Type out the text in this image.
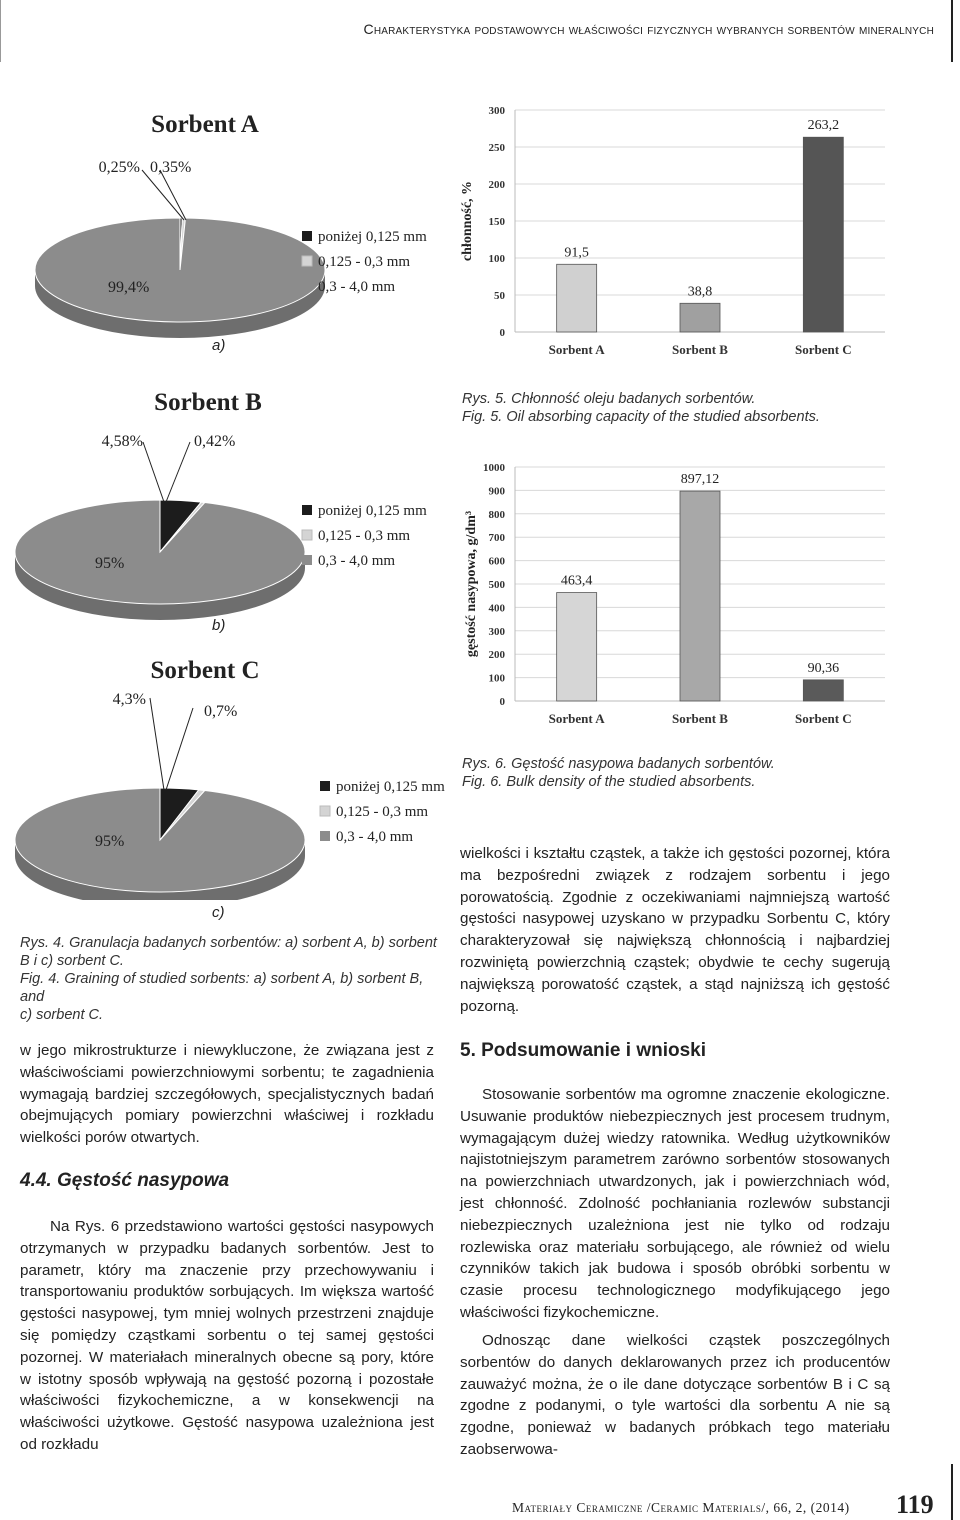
Charakterystyka podstawowych właściwości fizycznych wybranych sorbentów mineralnych
Sorbent A
0,25% 0,35%
99,4%
poniżej 0,125 mm
0,125 - 0,3 mm
0,3 - 4,0 mm
a)
Sorbent B
4,58%	0,42%
95%
poniżej 0,125 mm
0,125 - 0,3 mm
0,3 - 4,0 mm
b)
Sorbent C
4,3%
0,7%
95%
poniżej 0,125 mm
0,125 - 0,3 mm
0,3 - 4,0 mm
c)
Rys. 4. Granulacja badanych sorbentów: a) sorbent A, b) sorbent
B i c) sorbent C.
Fig. 4. Graining of studied sorbents: a) sorbent A, b) sorbent B, and
c) sorbent C.
0
50
100
150
200
250
300
91,5
Sorbent A
38,8
Sorbent B
263,2
Sorbent C
chłonność, %
Rys. 5. Chłonność oleju badanych sorbentów.
Fig. 5. Oil absorbing capacity of the studied absorbents.
0
100
200
300
400
500
600
700
800
900
1000
463,4
Sorbent A
897,12
Sorbent B
90,36
Sorbent C
gęstość nasypowa, g/dm³
Rys. 6. Gęstość nasypowa badanych sorbentów.
Fig. 6. Bulk density of the studied absorbents.

w jego mikrostrukturze i niewykluczone, że związana jest z właściwościami powierzchniowymi sorbentu; te zagadnienia wymagają bardziej szczegółowych, specjalistycznych badań obejmujących pomiary powierzchni właściwej i rozkładu wielkości porów otwartych.

4.4. Gęstość nasypowa

Na Rys. 6 przedstawiono wartości gęstości nasypowych otrzymanych w przypadku badanych sorbentów. Jest to parametr, który ma znaczenie przy przechowywaniu i transportowaniu produktów sorbujących. Im większa wartość gęstości nasypowej, tym mniej wolnych przestrzeni znajduje się pomiędzy cząstkami sorbentu o tej samej gęstości pozornej. W materiałach mineralnych obecne są pory, które w istotny sposób wpływają na gęstość pozorną i pozostałe właściwości fizykochemiczne, a w konsekwencji na właściwości użytkowe. Gęstość nasypowa uzależniona jest od rozkładu

wielkości i kształtu cząstek, a także ich gęstości pozornej, która ma bezpośredni związek z rodzajem sorbentu i jego porowatością. Zgodnie z oczekiwaniami najmniejszą wartość gęstości nasypowej uzyskano w przypadku Sorbentu C, który charakteryzował się największą chłonnością i najbardziej rozwiniętą powierzchnią cząstek; obydwie te cechy sugerują największą porowatość cząstek, a stąd najniższą ich gęstość pozorną.

5. Podsumowanie i wnioski

Stosowanie sorbentów ma ogromne znaczenie ekologiczne. Usuwanie produktów niebezpiecznych jest procesem trudnym, wymagającym dużej wiedzy ratownika. Według użytkowników najistotniejszym parametrem zarówno sorbentów stosowanych na powierzchniach utwardzonych, jak i powierzchniach wód, jest chłonność. Zdolność pochłaniania rozlewów substancji niebezpiecznych uzależniona jest nie tylko od rodzaju rozlewiska oraz materiału sorbującego, ale również od wielu czynników takich jak budowa i sposób obróbki sorbentu w czasie procesu technologicznego modyfikującego jego właściwości fizykochemiczne.

Odnosząc dane wielkości cząstek poszczególnych sorbentów do danych deklarowanych przez ich producentów zauważyć można, że o ile dane dotyczące sorbentów B i C są zgodne z podanymi, o tyle wartości dla sorbentu A nie są zgodne, ponieważ w badanych próbkach tego materiału zaobserwowa-

Materiały Ceramiczne /Ceramic Materials/, 66, 2, (2014) 119
